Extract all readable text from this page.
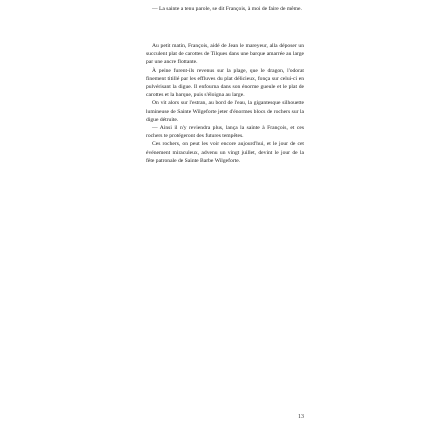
— La sainte a tenu parole, se dit François, à moi de faire de même.

Au petit matin, François, aidé de Jean le mareyeur, alla déposer un succulent plat de carottes de Tilques dans une barque amarrée au large par une ancre flottante.

À peine furent-ils revenus sur la plage, que le dragon, l'odorat finement titillé par les effluves du plat délicieux, fonça sur celui-ci en pulvérisant la digue. Il enfourna dans son énorme gueule et le plat de carottes et la barque, puis s'éloigna au large.

On vit alors sur l'estran, au bord de l'eau, la gigantesque silhouette lumineuse de Sainte Wilgeforte jeter d'énormes blocs de rochers sur la digue détruite.

— Ainsi il n'y reviendra plus, lança la sainte à François, et ces rochers te protégeront des futures tempêtes.

Ces rochers, on peut les voir encore aujourd'hui, et le jour de cet événement miraculeux, advenu un vingt juillet, devint le jour de la fête patronale de Sainte Barbe Wilgeforte.

13
